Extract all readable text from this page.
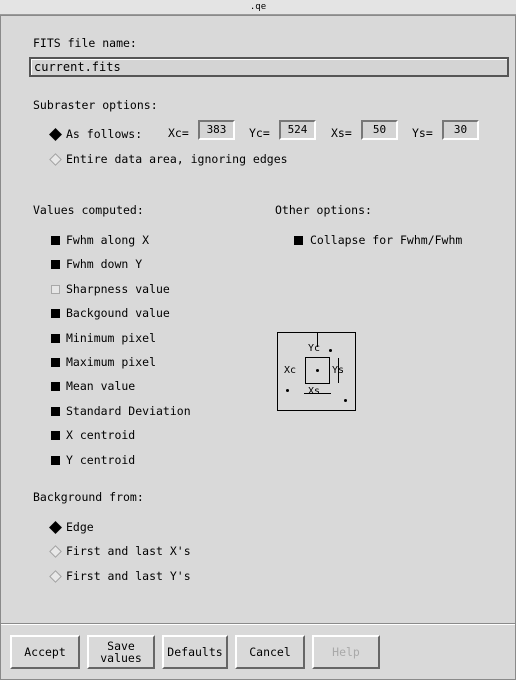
.qe
FITS file name:
current.fits
Subraster options:
As follows: Xc=	383	Yc=	524	Xs=	50	Ys=	30
Entire data area, ignoring edges
Values computed:
Fwhm along X
Fwhm down Y
Sharpness value
Backgound value
Minimum pixel
Maximum pixel
Mean value
Standard Deviation
X centroid
Y centroid
Other options:
Collapse for Fwhm/Fwhm
Yc
Xc	Ys
Xs
Background from:
Edge
First and last X's
First and last Y's
Accept	Save
values	Defaults	Cancel	Help
